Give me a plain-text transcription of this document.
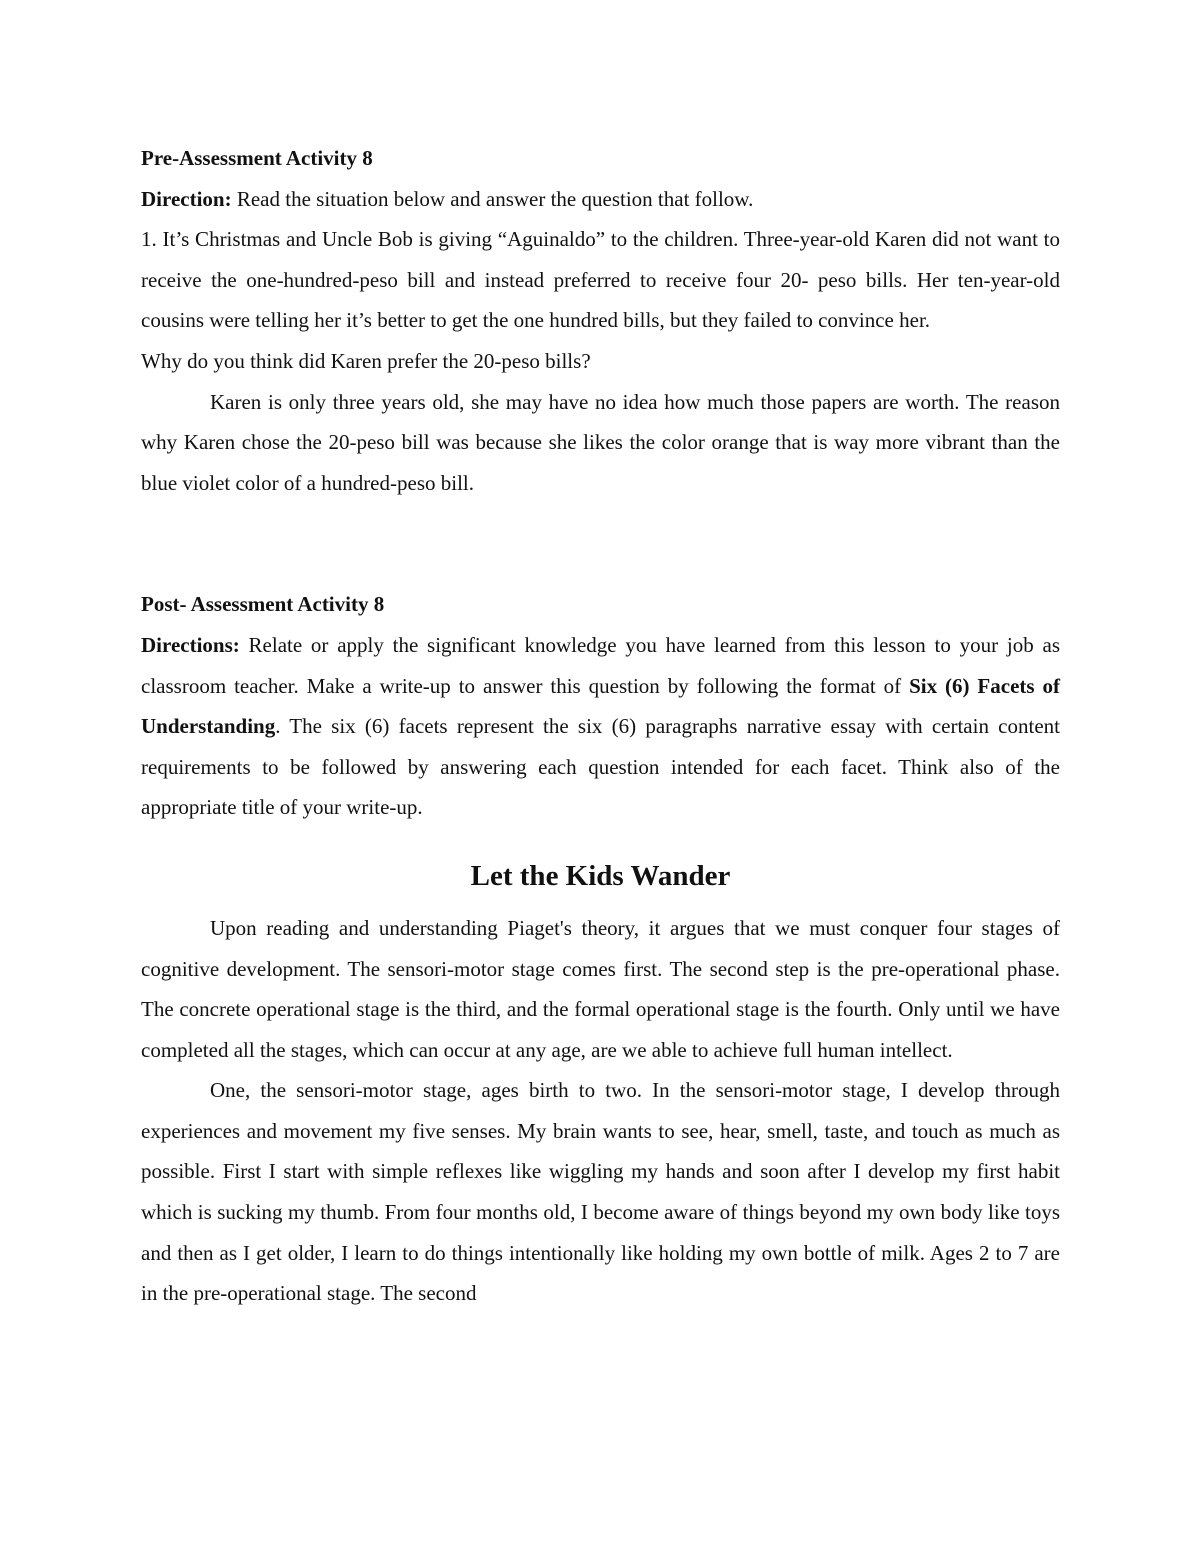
Pre-Assessment Activity 8

Direction: Read the situation below and answer the question that follow.

1. It’s Christmas and Uncle Bob is giving “Aguinaldo” to the children. Three-year-old Karen did not want to receive the one-hundred-peso bill and instead preferred to receive four 20- peso bills. Her ten-year-old cousins were telling her it’s better to get the one hundred bills, but they failed to convince her.

Why do you think did Karen prefer the 20-peso bills?

Karen is only three years old, she may have no idea how much those papers are worth. The reason why Karen chose the 20-peso bill was because she likes the color orange that is way more vibrant than the blue violet color of a hundred-peso bill.

Post- Assessment Activity 8

Directions: Relate or apply the significant knowledge you have learned from this lesson to your job as classroom teacher. Make a write-up to answer this question by following the format of Six (6) Facets of Understanding. The six (6) facets represent the six (6) paragraphs narrative essay with certain content requirements to be followed by answering each question intended for each facet. Think also of the appropriate title of your write-up.

Let the Kids Wander

Upon reading and understanding Piaget's theory, it argues that we must conquer four stages of cognitive development. The sensori-motor stage comes first. The second step is the pre-operational phase. The concrete operational stage is the third, and the formal operational stage is the fourth. Only until we have completed all the stages, which can occur at any age, are we able to achieve full human intellect.

One, the sensori-motor stage, ages birth to two. In the sensori-motor stage, I develop through experiences and movement my five senses. My brain wants to see, hear, smell, taste, and touch as much as possible. First I start with simple reflexes like wiggling my hands and soon after I develop my first habit which is sucking my thumb. From four months old, I become aware of things beyond my own body like toys and then as I get older, I learn to do things intentionally like holding my own bottle of milk. Ages 2 to 7 are in the pre-operational stage. The second
